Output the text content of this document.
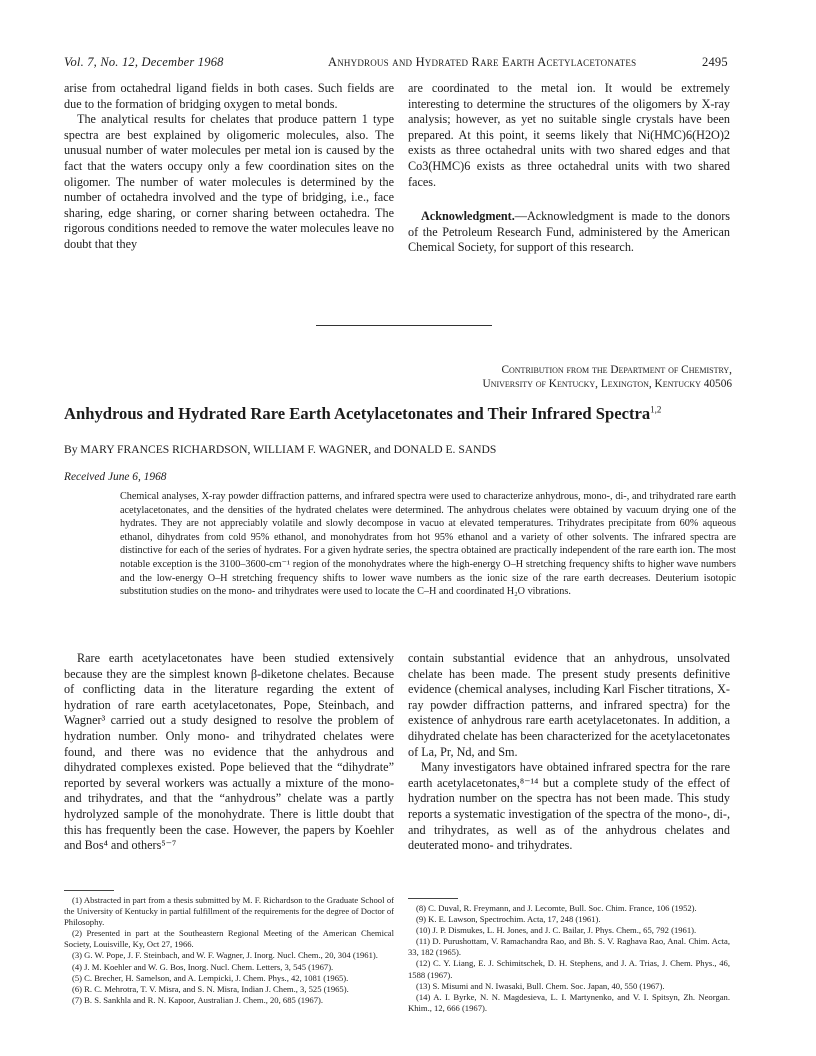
Vol. 7, No. 12, December 1968	Anhydrous and Hydrated Rare Earth Acetylacetonates	2495

arise from octahedral ligand fields in both cases. Such fields are due to the formation of bridging oxygen to metal bonds.

The analytical results for chelates that produce pattern 1 type spectra are best explained by oligomeric molecules, also. The unusual number of water molecules per metal ion is caused by the fact that the waters occupy only a few coordination sites on the oligomer. The number of water molecules is determined by the number of octahedra involved and the type of bridging, i.e., face sharing, edge sharing, or corner sharing between octahedra. The rigorous conditions needed to remove the water molecules leave no doubt that they

are coordinated to the metal ion. It would be extremely interesting to determine the structures of the oligomers by X-ray analysis; however, as yet no suitable single crystals have been prepared. At this point, it seems likely that Ni(HMC)6(H2O)2 exists as three octahedral units with two shared edges and that Co3(HMC)6 exists as three octahedral units with two shared faces.

Acknowledgment.—Acknowledgment is made to the donors of the Petroleum Research Fund, administered by the American Chemical Society, for support of this research.

Contribution from the Department of Chemistry,
University of Kentucky, Lexington, Kentucky 40506
Anhydrous and Hydrated Rare Earth Acetylacetonates and Their Infrared Spectra$^{1,2}$
By MARY FRANCES RICHARDSON, WILLIAM F. WAGNER, and DONALD E. SANDS
Received June 6, 1968
Chemical analyses, X-ray powder diffraction patterns, and infrared spectra were used to characterize anhydrous, mono-, di-, and trihydrated rare earth acetylacetonates, and the densities of the hydrated chelates were determined. The anhydrous chelates were obtained by vacuum drying one of the hydrates. They are not appreciably volatile and slowly decompose in vacuo at elevated temperatures. Trihydrates precipitate from 60% aqueous ethanol, dihydrates from cold 95% ethanol, and monohydrates from hot 95% ethanol and a variety of other solvents. The infrared spectra are distinctive for each of the series of hydrates. For a given hydrate series, the spectra obtained are practically independent of the rare earth ion. The most notable exception is the 3100–3600-cm⁻¹ region of the monohydrates where the high-energy O–H stretching frequency shifts to higher wave numbers and the low-energy O–H stretching frequency shifts to lower wave numbers as the ionic size of the rare earth decreases. Deuterium isotopic substitution studies on the mono- and trihydrates were used to locate the C–H and coordinated H₂O vibrations.

Rare earth acetylacetonates have been studied extensively because they are the simplest known β-diketone chelates. Because of conflicting data in the literature regarding the extent of hydration of rare earth acetylacetonates, Pope, Steinbach, and Wagner³ carried out a study designed to resolve the problem of hydration number. Only mono- and trihydrated chelates were found, and there was no evidence that the anhydrous and dihydrated complexes existed. Pope believed that the “dihydrate” reported by several workers was actually a mixture of the mono- and trihydrates, and that the “anhydrous” chelate was a partly hydrolyzed sample of the monohydrate. There is little doubt that this has frequently been the case. However, the papers by Koehler and Bos⁴ and others⁵⁻⁷

contain substantial evidence that an anhydrous, unsolvated chelate has been made. The present study presents definitive evidence (chemical analyses, including Karl Fischer titrations, X-ray powder diffraction patterns, and infrared spectra) for the existence of anhydrous rare earth acetylacetonates. In addition, a dihydrated chelate has been characterized for the acetylacetonates of La, Pr, Nd, and Sm.

Many investigators have obtained infrared spectra for the rare earth acetylacetonates,⁸⁻¹⁴ but a complete study of the effect of hydration number on the spectra has not been made. This study reports a systematic investigation of the spectra of the mono-, di-, and trihydrates, as well as of the anhydrous chelates and deuterated mono- and trihydrates.

(1) Abstracted in part from a thesis submitted by M. F. Richardson to the Graduate School of the University of Kentucky in partial fulfillment of the requirements for the degree of Doctor of Philosophy.

(2) Presented in part at the Southeastern Regional Meeting of the American Chemical Society, Louisville, Ky, Oct 27, 1966.

(3) G. W. Pope, J. F. Steinbach, and W. F. Wagner, J. Inorg. Nucl. Chem., 20, 304 (1961).

(4) J. M. Koehler and W. G. Bos, Inorg. Nucl. Chem. Letters, 3, 545 (1967).

(5) C. Brecher, H. Samelson, and A. Lempicki, J. Chem. Phys., 42, 1081 (1965).

(6) R. C. Mehrotra, T. V. Misra, and S. N. Misra, Indian J. Chem., 3, 525 (1965).

(7) B. S. Sankhla and R. N. Kapoor, Australian J. Chem., 20, 685 (1967).

(8) C. Duval, R. Freymann, and J. Lecomte, Bull. Soc. Chim. France, 106 (1952).

(9) K. E. Lawson, Spectrochim. Acta, 17, 248 (1961).

(10) J. P. Dismukes, L. H. Jones, and J. C. Bailar, J. Phys. Chem., 65, 792 (1961).

(11) D. Purushottam, V. Ramachandra Rao, and Bh. S. V. Raghava Rao, Anal. Chim. Acta, 33, 182 (1965).

(12) C. Y. Liang, E. J. Schimitschek, D. H. Stephens, and J. A. Trias, J. Chem. Phys., 46, 1588 (1967).

(13) S. Misumi and N. Iwasaki, Bull. Chem. Soc. Japan, 40, 550 (1967).

(14) A. I. Byrke, N. N. Magdesieva, L. I. Martynenko, and V. I. Spitsyn, Zh. Neorgan. Khim., 12, 666 (1967).
